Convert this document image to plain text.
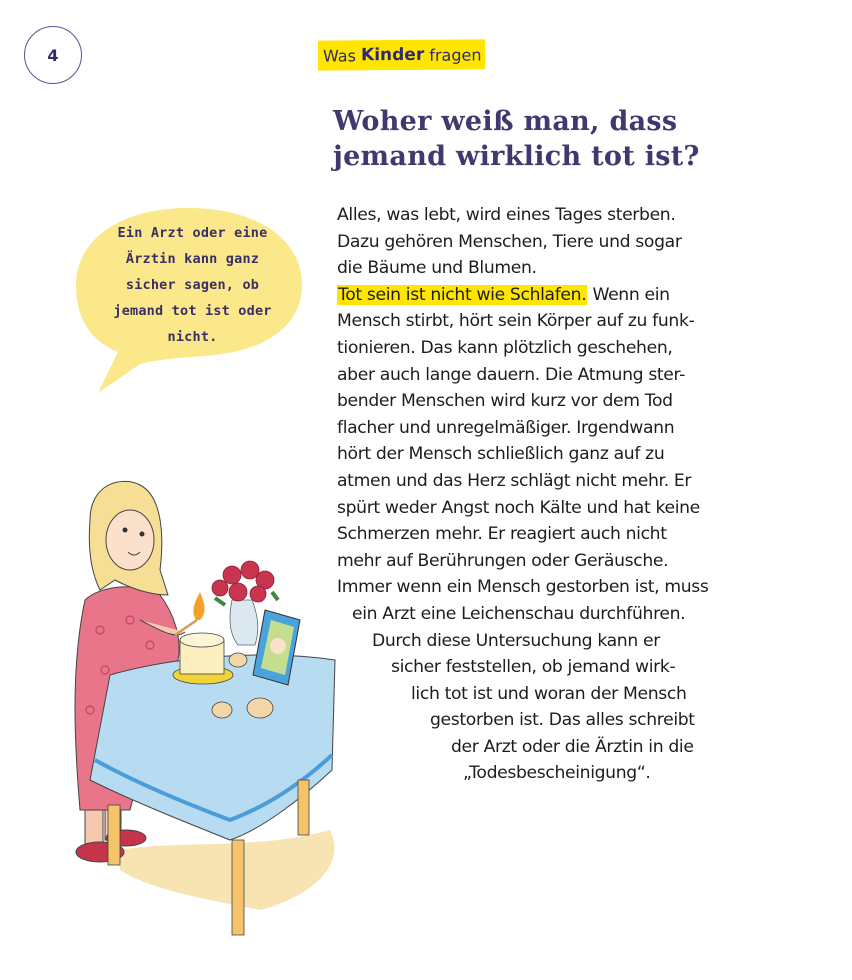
4	Was Kinder fragen
Woher weiß man, dass
jemand wirklich tot ist?
Ein Arzt oder eine
Ärztin kann ganz
sicher sagen, ob
jemand tot ist oder
nicht.
Alles, was lebt, wird eines Tages sterben.
Dazu gehören Menschen, Tiere und sogar
die Bäume und Blumen.
Tot sein ist nicht wie Schlafen. Wenn ein
Mensch stirbt, hört sein Körper auf zu funk-
tionieren. Das kann plötzlich geschehen,
aber auch lange dauern. Die Atmung ster-
bender Menschen wird kurz vor dem Tod
flacher und unregelmäßiger. Irgendwann
hört der Mensch schließlich ganz auf zu
atmen und das Herz schlägt nicht mehr. Er
spürt weder Angst noch Kälte und hat keine
Schmerzen mehr. Er reagiert auch nicht
mehr auf Berührungen oder Geräusche.
Immer wenn ein Mensch gestorben ist, muss
ein Arzt eine Leichenschau durchführen.
Durch diese Untersuchung kann er
sicher feststellen, ob jemand wirk-
lich tot ist und woran der Mensch
gestorben ist. Das alles schreibt
der Arzt oder die Ärztin in die
„Todesbescheinigung“.
